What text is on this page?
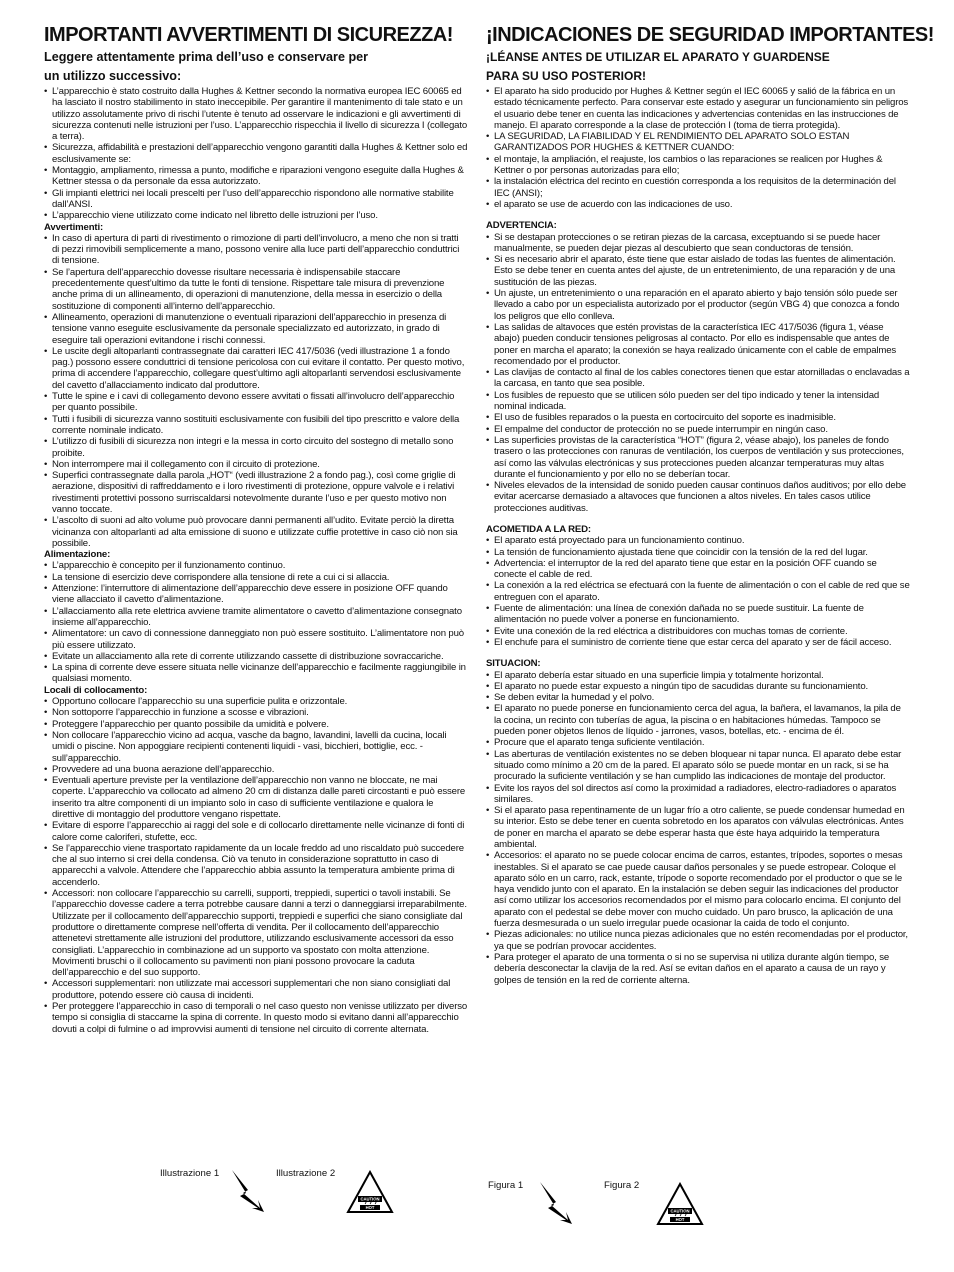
IMPORTANTI AVVERTIMENTI DI SICUREZZA!
Leggere attentamente prima dell’uso e conservare per
un utilizzo successivo:
• L’apparecchio è stato costruito dalla Hughes & Kettner secondo la normativa europea IEC 60065 ed ha lasciato il nostro stabilimento in stato ineccepibile. Per garantire il mantenimento di tale stato e un utilizzo assolutamente privo di rischi l’utente è tenuto ad osservare le indicazioni e gli avvertimenti di sicurezza contenuti nelle istruzioni per l’uso. L’apparecchio rispecchia il livello di sicurezza I (collegato a terra).
• Sicurezza, affidabilità e prestazioni dell’apparecchio vengono garantiti dalla Hughes & Kettner solo ed esclusivamente se:
• Montaggio, ampliamento, rimessa a punto, modifiche e riparazioni vengono eseguite dalla Hughes & Kettner stessa o da personale da essa autorizzato.
• Gli impianti elettrici nei locali prescelti per l’uso dell’apparecchio rispondono alle normative stabilite dall’ANSI.
• L’apparecchio viene utilizzato come indicato nel libretto delle istruzioni per l’uso.
Avvertimenti:
• In caso di apertura di parti di rivestimento o rimozione di parti dell’involucro, a meno che non si tratti di pezzi rimovibili semplicemente a mano, possono venire alla luce parti dell’apparecchio conduttrici di tensione.
• Se l’apertura dell’apparecchio dovesse risultare necessaria è indispensabile staccare precedentemente quest’ultimo da tutte le fonti di tensione. Rispettare tale misura di prevenzione anche prima di un allineamento, di operazioni di manutenzione, della messa in esercizio o della sostituzione di componenti all’interno dell’apparecchio.
• Allineamento, operazioni di manutenzione o eventuali riparazioni dell’apparecchio in presenza di tensione vanno eseguite esclusivamente da personale specializzato ed autorizzato, in grado di eseguire tali operazioni evitandone i rischi connessi.
• Le uscite degli altoparlanti contrassegnate dai caratteri IEC 417/5036 (vedi illustrazione 1 a fondo pag.) possono essere conduttrici di tensione pericolosa con cui evitare il contatto. Per questo motivo, prima di accendere l’apparecchio, collegare quest’ultimo agli altoparlanti servendosi esclusivamente del cavetto d’allacciamento indicato dal produttore.
• Tutte le spine e i cavi di collegamento devono essere avvitati o fissati all’involucro dell’apparecchio per quanto possibile.
• Tutti i fusibili di sicurezza vanno sostituiti esclusivamente con fusibili del tipo prescritto e valore della corrente nominale indicato.
• L’utilizzo di fusibili di sicurezza non integri e la messa in corto circuito del sostegno di metallo sono proibite.
• Non interrompere mai il collegamento con il circuito di protezione.
• Superfici contrassegnate dalla parola „HOT“ (vedi illustrazione 2 a fondo pag.), così come griglie di aerazione, dispositivi di raffreddamento e i loro rivestimenti di protezione, oppure valvole e i relativi rivestimenti protettivi possono surriscaldarsi notevolmente durante l’uso e per questo motivo non vanno toccate.
• L’ascolto di suoni ad alto volume può provocare danni permanenti all’udito. Evitate perciò la diretta vicinanza con altoparlanti ad alta emissione di suono e utilizzate cuffie protettive in caso ciò non sia possibile.
Alimentazione:
• L’apparecchio è concepito per il funzionamento continuo.
• La tensione di esercizio deve corrispondere alla tensione di rete a cui ci si allaccia.
• Attenzione: l’interruttore di alimentazione dell’apparecchio deve essere in posizione OFF quando viene allacciato il cavetto d’alimentazione.
• L’allacciamento alla rete elettrica avviene tramite alimentatore o cavetto d’alimentazione consegnato insieme all’apparecchio.
• Alimentatore: un cavo di connessione danneggiato non può essere sostituito. L’alimentatore non può più essere utilizzato.
• Evitate un allacciamento alla rete di corrente utilizzando cassette di distribuzione sovraccariche.
• La spina di corrente deve essere situata nelle vicinanze dell’apparecchio e facilmente raggiungibile in qualsiasi momento.
Locali di collocamento:
• Opportuno collocare l’apparecchio su una superficie pulita e orizzontale.
• Non sottoporre l’apparecchio in funzione a scosse e vibrazioni.
• Proteggere l’apparecchio per quanto possibile da umidità e polvere.
• Non collocare l’apparecchio vicino ad acqua, vasche da bagno, lavandini, lavelli da cucina, locali umidi o piscine. Non appoggiare recipienti contenenti liquidi - vasi, bicchieri, bottiglie, ecc. - sull’apparecchio.
• Provvedere ad una buona aerazione dell’apparecchio.
• Eventuali aperture previste per la ventilazione dell’apparecchio non vanno ne bloccate, ne mai coperte. L’apparecchio va collocato ad almeno 20 cm di distanza dalle pareti circostanti e può essere inserito tra altre componenti di un impianto solo in caso di sufficiente ventilazione e qualora le direttive di montaggio del produttore vengano rispettate.
• Evitare di esporre l’apparecchio ai raggi del sole e di collocarlo direttamente nelle vicinanze di fonti di calore come caloriferi, stufette, ecc.
• Se l’apparecchio viene trasportato rapidamente da un locale freddo ad uno riscaldato può succedere che al suo interno si crei della condensa. Ciò va tenuto in considerazione soprattutto in caso di apparecchi a valvole. Attendere che l’apparecchio abbia assunto la temperatura ambiente prima di accenderlo.
• Accessori: non collocare l’apparecchio su carrelli, supporti, treppiedi, supertici o tavoli instabili. Se l’apparecchio dovesse cadere a terra potrebbe causare danni a terzi o danneggiarsi irreparabilmente. Utilizzate per il collocamento dell’apparecchio supporti, treppiedi e superfici che siano consigliate dal produttore o direttamente comprese nell’offerta di vendita. Per il collocamento dell’apparecchio attenetevi strettamente alle istruzioni del produttore, utilizzando esclusivamente accessori da esso consigliati. L’apparecchio in combinazione ad un supporto va spostato con molta attenzione. Movimenti bruschi o il collocamento su pavimenti non piani possono provocare la caduta dell’apparecchio e del suo supporto.
• Accessori supplementari: non utilizzate mai accessori supplementari che non siano consigliati dal produttore, potendo essere ciò causa di incidenti.
• Per proteggere l’apparecchio in caso di temporali o nel caso questo non venisse utilizzato per diverso tempo si consiglia di staccarne la spina di corrente. In questo modo si evitano danni all’apparecchio dovuti a colpi di fulmine o ad improvvisi aumenti di tensione nel circuito di corrente alternata.
¡INDICACIONES DE SEGURIDAD IMPORTANTES!
¡LÉANSE ANTES DE UTILIZAR EL APARATO Y GUARDENSE
PARA SU USO POSTERIOR!
• El aparato ha sido producido por Hughes & Kettner según el IEC 60065 y salió de la fábrica en un estado técnicamente perfecto. Para conservar este estado y asegurar un funcionamiento sin peligros el usuario debe tener en cuenta las indicaciones y advertencias contenidas en las instrucciones de manejo. El aparato corresponde a la clase de protección I (toma de tierra protegida).
• LA SEGURIDAD, LA FIABILIDAD Y EL RENDIMIENTO DEL APARATO SOLO ESTAN GARANTIZADOS POR HUGHES & KETTNER CUANDO:
• el montaje, la ampliación, el reajuste, los cambios o las reparaciones se realicen por Hughes & Kettner o por personas autorizadas para ello;
• la instalación eléctrica del recinto en cuestión corresponda a los requisitos de la determinación del IEC (ANSI);
• el aparato se use de acuerdo con las indicaciones de uso.
ADVERTENCIA:
• Si se destapan protecciones o se retiran piezas de la carcasa, exceptuando si se puede hacer manualmente, se pueden dejar piezas al descubierto que sean conductoras de tensión.
• Si es necesario abrir el aparato, éste tiene que estar aislado de todas las fuentes de alimentación. Esto se debe tener en cuenta antes del ajuste, de un entretenimiento, de una reparación y de una sustitución de las piezas.
• Un ajuste, un entretenimiento o una reparación en el aparato abierto y bajo tensión sólo puede ser llevado a cabo por un especialista autorizado por el productor (según VBG 4) que conozca a fondo los peligros que ello conlleva.
• Las salidas de altavoces que estén provistas de la característica IEC 417/5036 (figura 1, véase abajo) pueden conducir tensiones peligrosas al contacto. Por ello es indispensable que antes de poner en marcha el aparato; la conexión se haya realizado únicamente con el cable de empalmes recomendado por el productor.
• Las clavijas de contacto al final de los cables conectores tienen que estar atornilladas o enclavadas a la carcasa, en tanto que sea posible.
• Los fusibles de repuesto que se utilicen sólo pueden ser del tipo indicado y tener la intensidad nominal indicada.
• El uso de fusibles reparados o la puesta en cortocircuito del soporte es inadmisible.
• El empalme del conductor de protección no se puede interrumpir en ningún caso.
• Las superficies provistas de la característica “HOT” (figura 2, véase abajo), los paneles de fondo trasero o las protecciones con ranuras de ventilación, los cuerpos de ventilación y sus protecciones, así como las válvulas electrónicas y sus protecciones pueden alcanzar temperaturas muy altas durante el funcionamiento y por ello no se deberían tocar.
• Niveles elevados de la intensidad de sonido pueden causar continuos daños auditivos; por ello debe evitar acercarse demasiado a altavoces que funcionen a altos niveles. En tales casos utilice protecciones auditivas.
ACOMETIDA A LA RED:
• El aparato está proyectado para un funcionamiento continuo.
• La tensión de funcionamiento ajustada tiene que coincidir con la tensión de la red del lugar.
• Advertencia: el interruptor de la red del aparato tiene que estar en la posición OFF cuando se conecte el cable de red.
• La conexión a la red eléctrica se efectuará con la fuente de alimentación o con el cable de red que se entreguen con el aparato.
• Fuente de alimentación: una línea de conexión dañada no se puede sustituir. La fuente de alimentación no puede volver a ponerse en funcionamiento.
• Evite una conexión de la red eléctrica a distribuidores con muchas tomas de corriente.
• El enchufe para el suministro de corriente tiene que estar cerca del aparato y ser de fácil acceso.
SITUACION:
• El aparato debería estar situado en una superficie limpia y totalmente horizontal.
• El aparato no puede estar expuesto a ningún tipo de sacudidas durante su funcionamiento.
• Se deben evitar la humedad y el polvo.
• El aparato no puede ponerse en funcionamiento cerca del agua, la bañera, el lavamanos, la pila de la cocina, un recinto con tuberías de agua, la piscina o en habitaciones húmedas. Tampoco se pueden poner objetos llenos de líquido - jarrones, vasos, botellas, etc. - encima de él.
• Procure que el aparato tenga suficiente ventilación.
• Las aberturas de ventilación existentes no se deben bloquear ni tapar nunca. El aparato debe estar situado como mínimo a 20 cm de la pared. El aparato sólo se puede montar en un rack, si se ha procurado la suficiente ventilación y se han cumplido las indicaciones de montaje del productor.
• Evite los rayos del sol directos así como la proximidad a radiadores, electro-radiadores o aparatos similares.
• Si el aparato pasa repentinamente de un lugar frío a otro caliente, se puede condensar humedad en su interior. Esto se debe tener en cuenta sobretodo en los aparatos con válvulas electrónicas. Antes de poner en marcha el aparato se debe esperar hasta que éste haya adquirido la temperatura ambiental.
• Accesorios: el aparato no se puede colocar encima de carros, estantes, trípodes, soportes o mesas inestables. Si el aparato se cae puede causar daños personales y se puede estropear. Coloque el aparato sólo en un carro, rack, estante, trípode o soporte recomendado por el productor o que se le haya vendido junto con el aparato. En la instalación se deben seguir las indicaciones del productor así como utilizar los accesorios recomendados por el mismo para colocarlo encima. El conjunto del aparato con el pedestal se debe mover con mucho cuidado. Un paro brusco, la aplicación de una fuerza desmesurada o un suelo irregular puede ocasionar la caida de todo el conjunto.
• Piezas adicionales: no utilice nunca piezas adicionales que no estén recomendadas por el productor, ya que se podrían provocar accidentes.
• Para proteger el aparato de una tormenta o si no se supervisa ni utiliza durante algún tiempo, se debería desconectar la clavija de la red. Así se evitan daños en el aparato a causa de un rayo y golpes de tensión en la red de corriente alterna.
Illustrazione 1	Illustrazione 2
CAUTION
HOT
Figura 1	Figura 2
CAUTION
HOT
